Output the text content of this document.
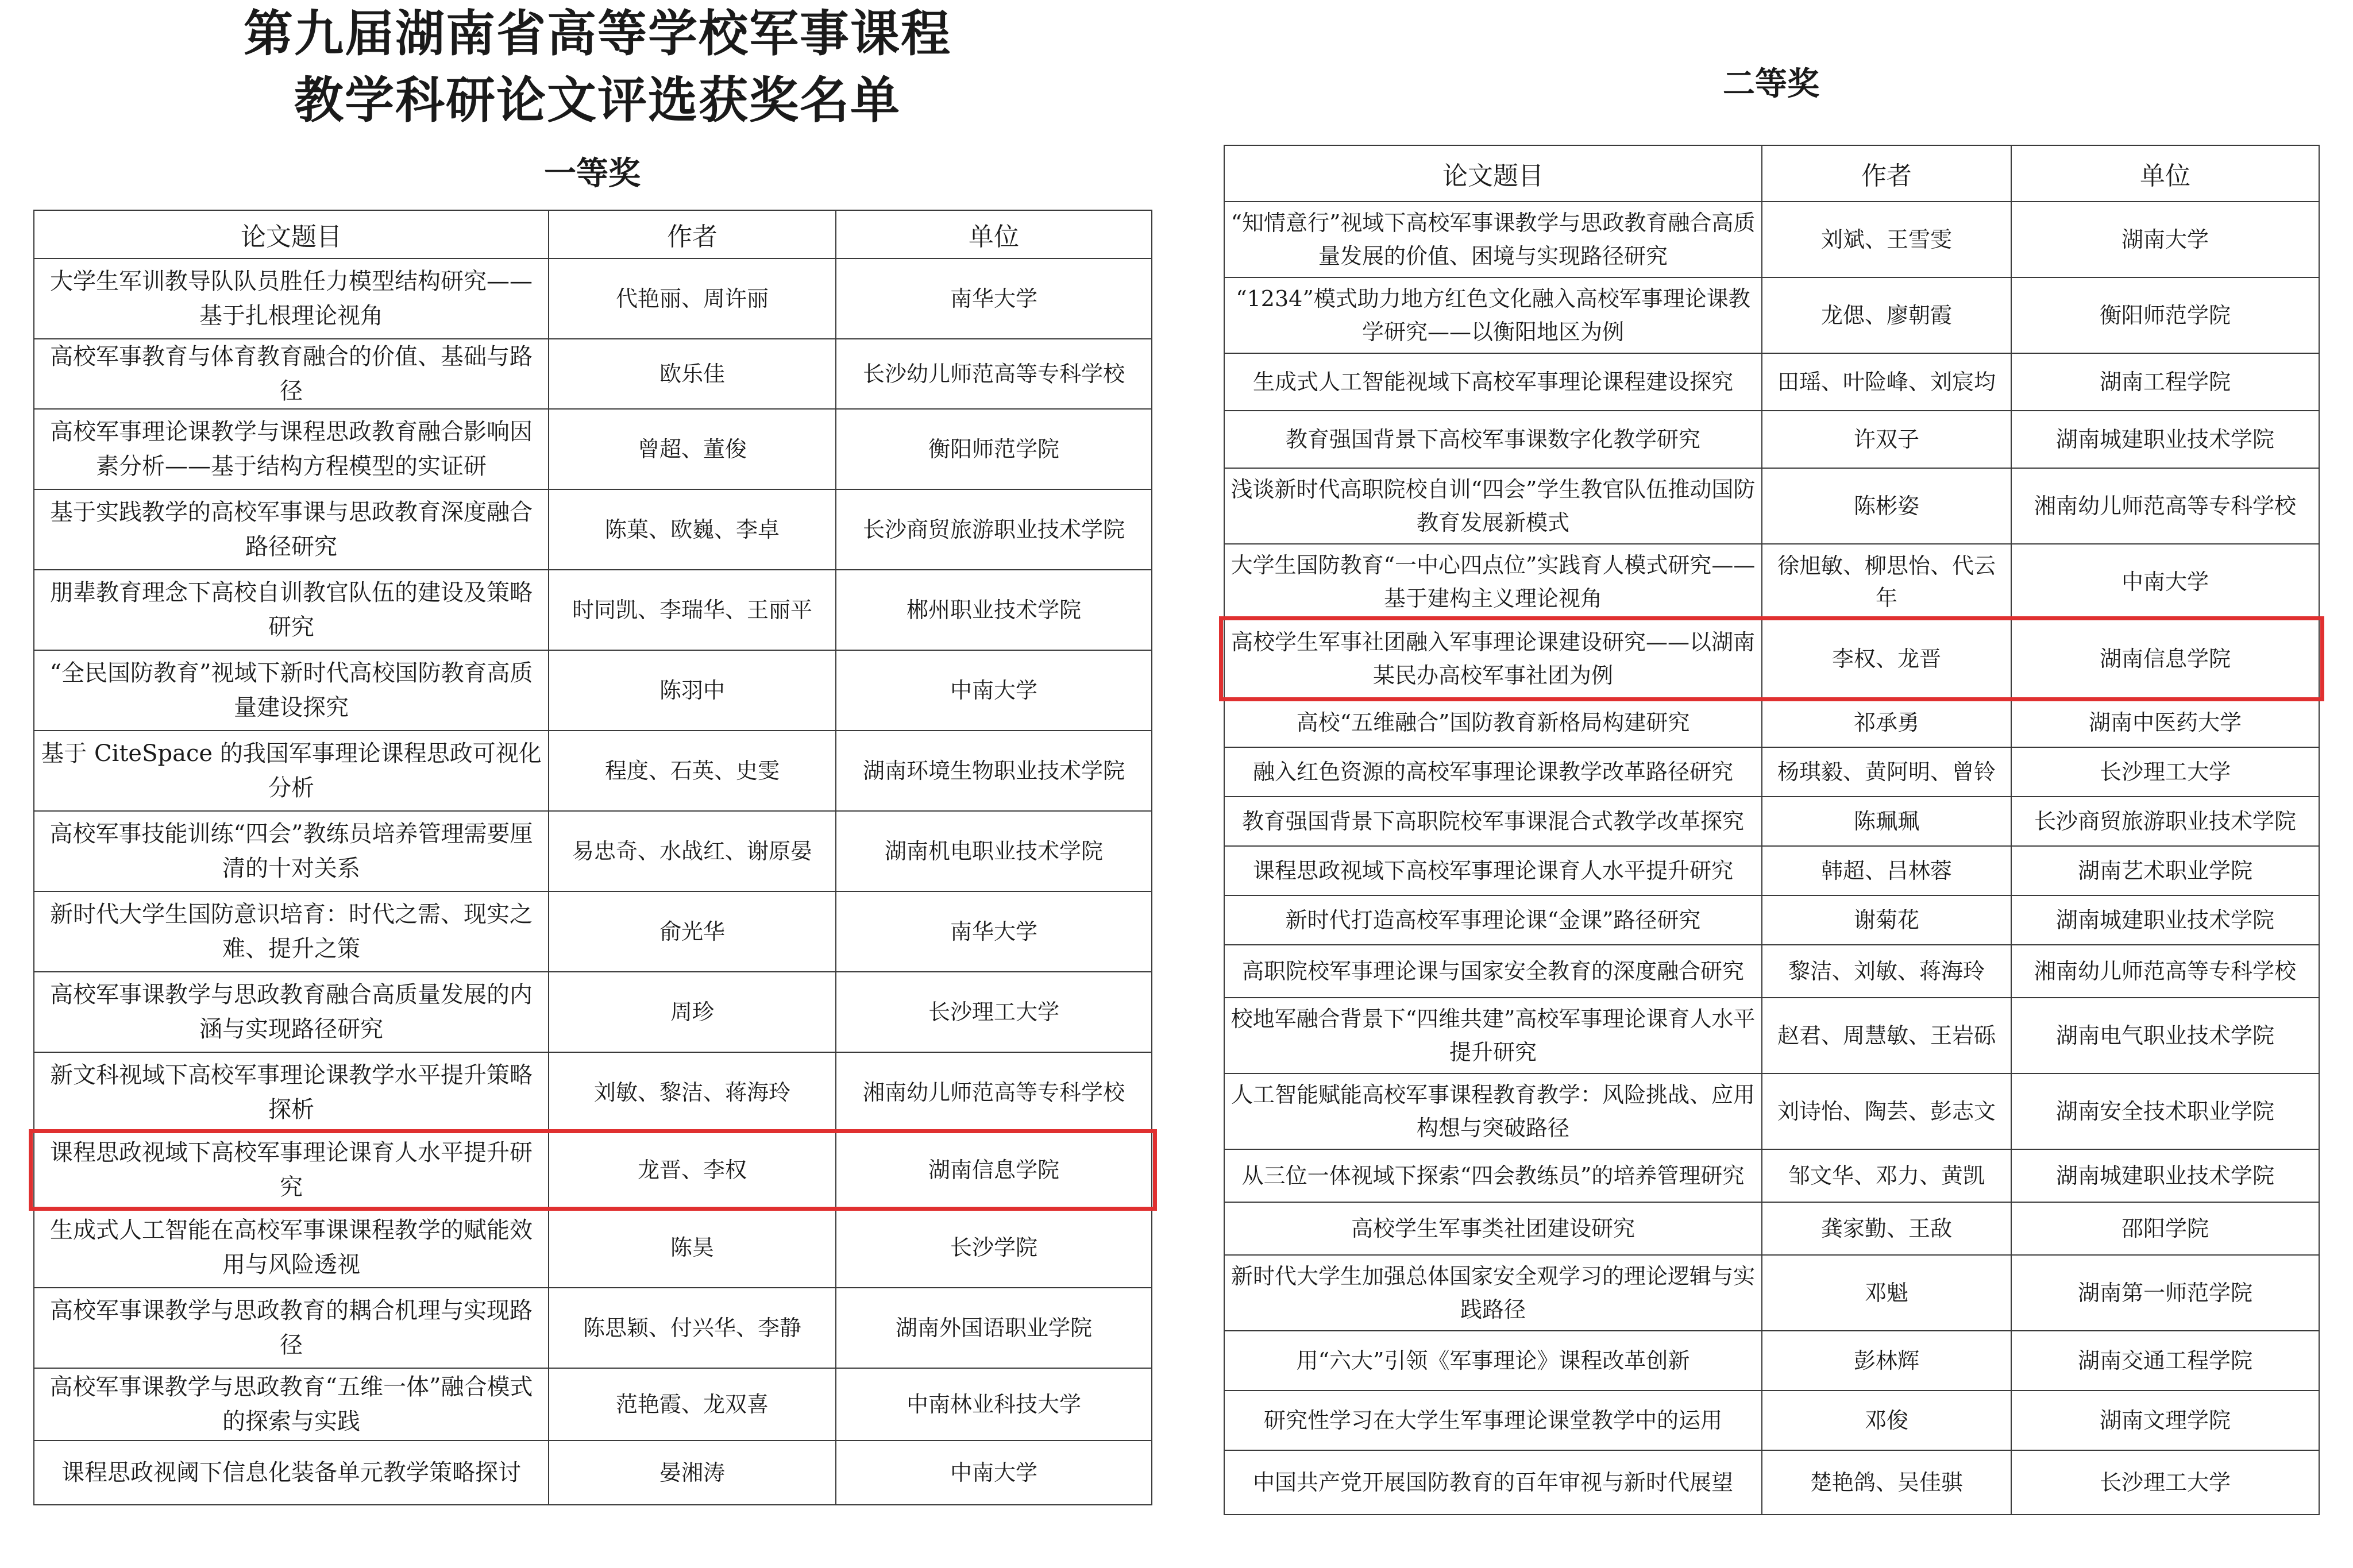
第九届湖南省高等学校军事课程
教学科研论文评选获奖名单
一等奖
二等奖
论文题目	作者	单位
大学生军训教导队队员胜任力模型结构研究——基于扎根理论视角	代艳丽、周许丽	南华大学
高校军事教育与体育教育融合的价值、基础与路径	欧乐佳	长沙幼儿师范高等专科学校
高校军事理论课教学与课程思政教育融合影响因素分析——基于结构方程模型的实证研	曾超、董俊	衡阳师范学院
基于实践教学的高校军事课与思政教育深度融合路径研究	陈菓、欧巍、李卓	长沙商贸旅游职业技术学院
朋辈教育理念下高校自训教官队伍的建设及策略研究	时同凯、李瑞华、王丽平	郴州职业技术学院
“全民国防教育”视域下新时代高校国防教育高质量建设探究	陈羽中	中南大学
基于 CiteSpace 的我国军事理论课程思政可视化分析	程度、石英、史雯	湖南环境生物职业技术学院
高校军事技能训练“四会”教练员培养管理需要厘清的十对关系	易忠奇、水战红、谢原晏	湖南机电职业技术学院
新时代大学生国防意识培育：时代之需、现实之难、提升之策	俞光华	南华大学
高校军事课教学与思政教育融合高质量发展的内涵与实现路径研究	周珍	长沙理工大学
新文科视域下高校军事理论课教学水平提升策略探析	刘敏、黎洁、蒋海玲	湘南幼儿师范高等专科学校
课程思政视域下高校军事理论课育人水平提升研究	龙晋、李权	湖南信息学院
生成式人工智能在高校军事课课程教学的赋能效用与风险透视	陈昊	长沙学院
高校军事课教学与思政教育的耦合机理与实现路径	陈思颖、付兴华、李静	湖南外国语职业学院
高校军事课教学与思政教育“五维一体”融合模式的探索与实践	范艳霞、龙双喜	中南林业科技大学
课程思政视阈下信息化装备单元教学策略探讨	晏湘涛	中南大学
论文题目	作者	单位
“知情意行”视域下高校军事课教学与思政教育融合高质量发展的价值、困境与实现路径研究	刘斌、王雪雯	湖南大学
“1234”模式助力地方红色文化融入高校军事理论课教学研究——以衡阳地区为例	龙偲、廖朝霞	衡阳师范学院
生成式人工智能视域下高校军事理论课程建设探究	田瑶、叶险峰、刘宸均	湖南工程学院
教育强国背景下高校军事课数字化教学研究	许双子	湖南城建职业技术学院
浅谈新时代高职院校自训“四会”学生教官队伍推动国防教育发展新模式	陈彬姿	湘南幼儿师范高等专科学校
大学生国防教育“一中心四点位”实践育人模式研究——基于建构主义理论视角	徐旭敏、柳思怡、代云年	中南大学
高校学生军事社团融入军事理论课建设研究——以湖南某民办高校军事社团为例	李权、龙晋	湖南信息学院
高校“五维融合”国防教育新格局构建研究	祁承勇	湖南中医药大学
融入红色资源的高校军事理论课教学改革路径研究	杨琪毅、黄阿明、曾铃	长沙理工大学
教育强国背景下高职院校军事课混合式教学改革探究	陈珮珮	长沙商贸旅游职业技术学院
课程思政视域下高校军事理论课育人水平提升研究	韩超、吕林蓉	湖南艺术职业学院
新时代打造高校军事理论课“金课”路径研究	谢菊花	湖南城建职业技术学院
高职院校军事理论课与国家安全教育的深度融合研究	黎洁、刘敏、蒋海玲	湘南幼儿师范高等专科学校
校地军融合背景下“四维共建”高校军事理论课育人水平提升研究	赵君、周慧敏、王岩砾	湖南电气职业技术学院
人工智能赋能高校军事课程教育教学：风险挑战、应用构想与突破路径	刘诗怡、陶芸、彭志文	湖南安全技术职业学院
从三位一体视域下探索“四会教练员”的培养管理研究	邹文华、邓力、黄凯	湖南城建职业技术学院
高校学生军事类社团建设研究	龚家勤、王敌	邵阳学院
新时代大学生加强总体国家安全观学习的理论逻辑与实践路径	邓魁	湖南第一师范学院
用“六大”引领《军事理论》课程改革创新	彭林辉	湖南交通工程学院
研究性学习在大学生军事理论课堂教学中的运用	邓俊	湖南文理学院
中国共产党开展国防教育的百年审视与新时代展望	楚艳鸽、吴佳骐	长沙理工大学
